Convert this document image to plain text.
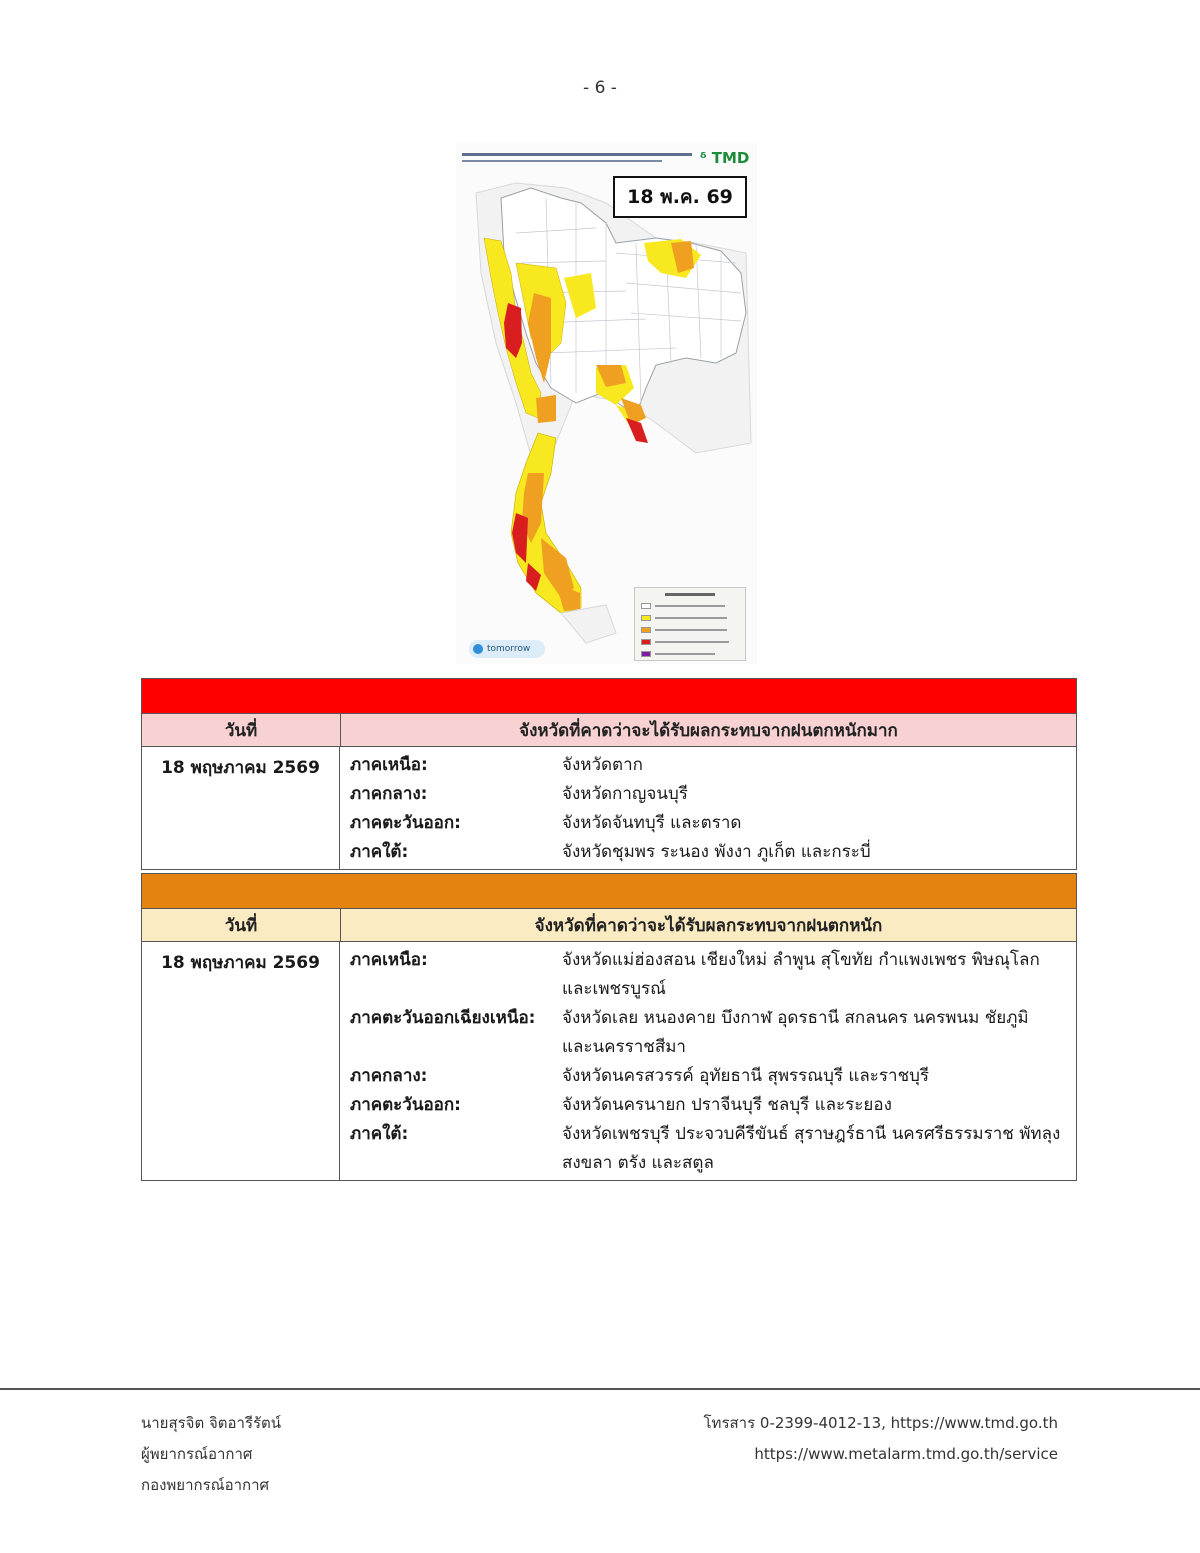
- 6 -
ᵟ TMD
18 พ.ค. 69
tomorrow
วันที่	จังหวัดที่คาดว่าจะได้รับผลกระทบจากฝนตกหนักมาก
18 พฤษภาคม 2569	ภาคเหนือ:	จังหวัดตาก
ภาคกลาง:	จังหวัดกาญจนบุรี
ภาคตะวันออก:	จังหวัดจันทบุรี และตราด
ภาคใต้:	จังหวัดชุมพร ระนอง พังงา ภูเก็ต และกระบี่
วันที่	จังหวัดที่คาดว่าจะได้รับผลกระทบจากฝนตกหนัก
18 พฤษภาคม 2569	ภาคเหนือ:	จังหวัดแม่ฮ่องสอน เชียงใหม่ ลำพูน สุโขทัย กำแพงเพชร พิษณุโลก และเพชรบูรณ์
ภาคตะวันออกเฉียงเหนือ:	จังหวัดเลย หนองคาย บึงกาฬ อุดรธานี สกลนคร นครพนม ชัยภูมิ และนครราชสีมา
ภาคกลาง:	จังหวัดนครสวรรค์ อุทัยธานี สุพรรณบุรี และราชบุรี
ภาคตะวันออก:	จังหวัดนครนายก ปราจีนบุรี ชลบุรี และระยอง
ภาคใต้:	จังหวัดเพชรบุรี ประจวบคีรีขันธ์ สุราษฎร์ธานี นครศรีธรรมราช พัทลุง สงขลา ตรัง และสตูล
นายสุรจิต จิตอารีรัตน์
ผู้พยากรณ์อากาศ
กองพยากรณ์อากาศ
โทรสาร 0-2399-4012-13, https://www.tmd.go.th
https://www.metalarm.tmd.go.th/service
